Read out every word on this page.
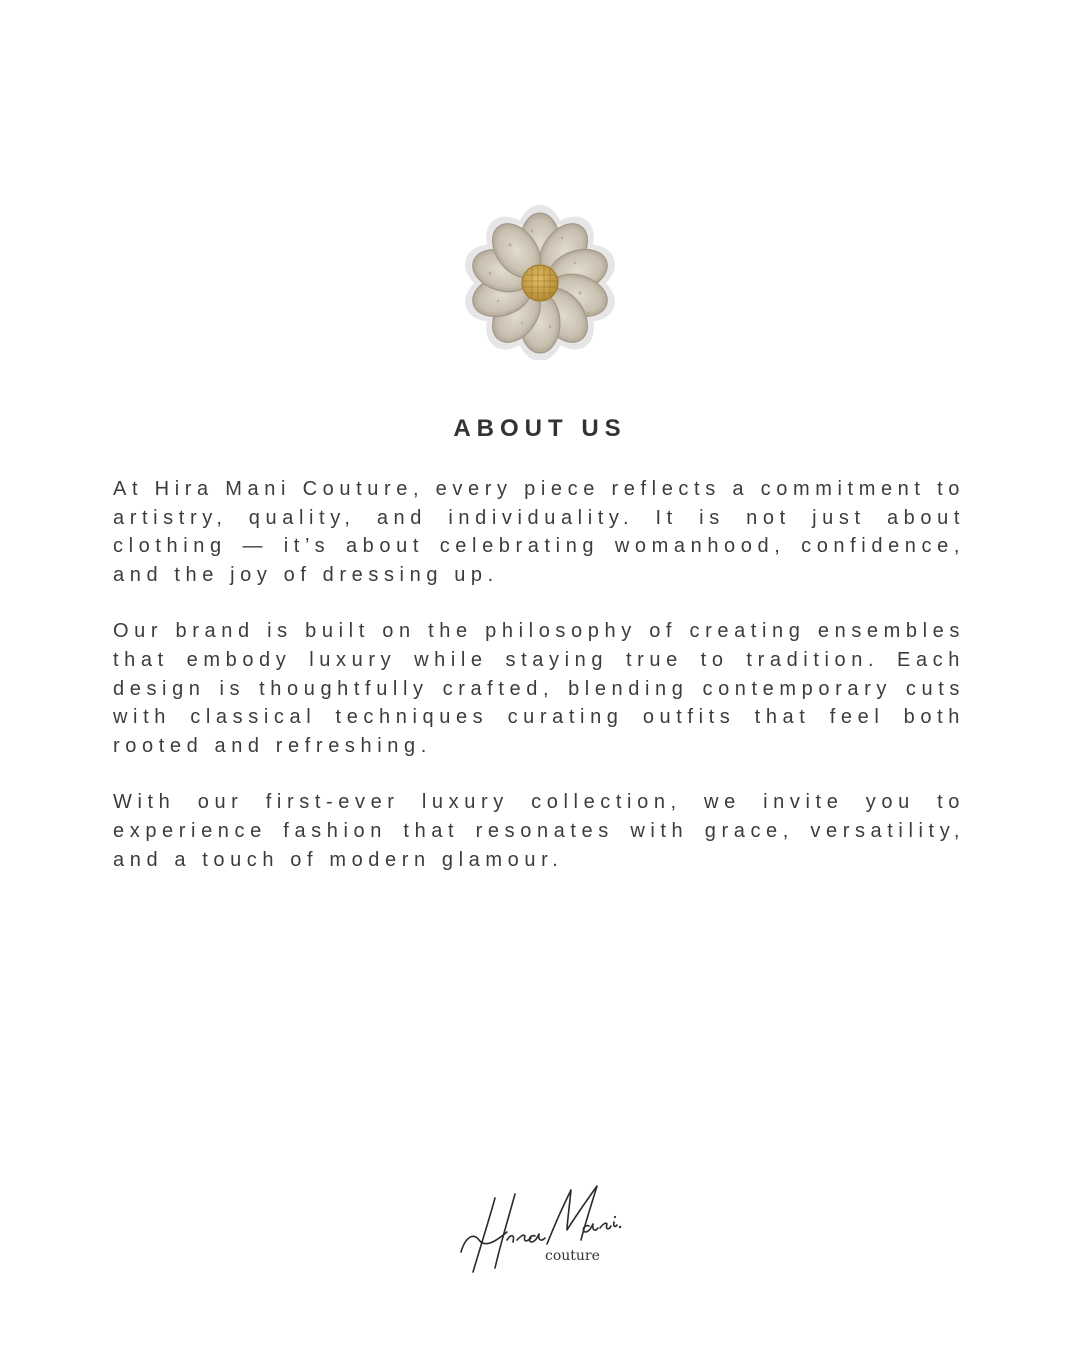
ABOUT US

At Hira Mani Couture, every piece reflects a commitment to artistry, quality, and individuality. It is not just about clothing — it’s about celebrating womanhood, confidence, and the joy of dressing up.

Our brand is built on the philosophy of creating ensembles that embody luxury while staying true to tradition. Each design is thoughtfully crafted, blending contemporary cuts with classical techniques curating outfits that feel both rooted and refreshing.

With our first-ever luxury collection, we invite you to experience fashion that resonates with grace, versatility, and a touch of modern glamour.

couture
